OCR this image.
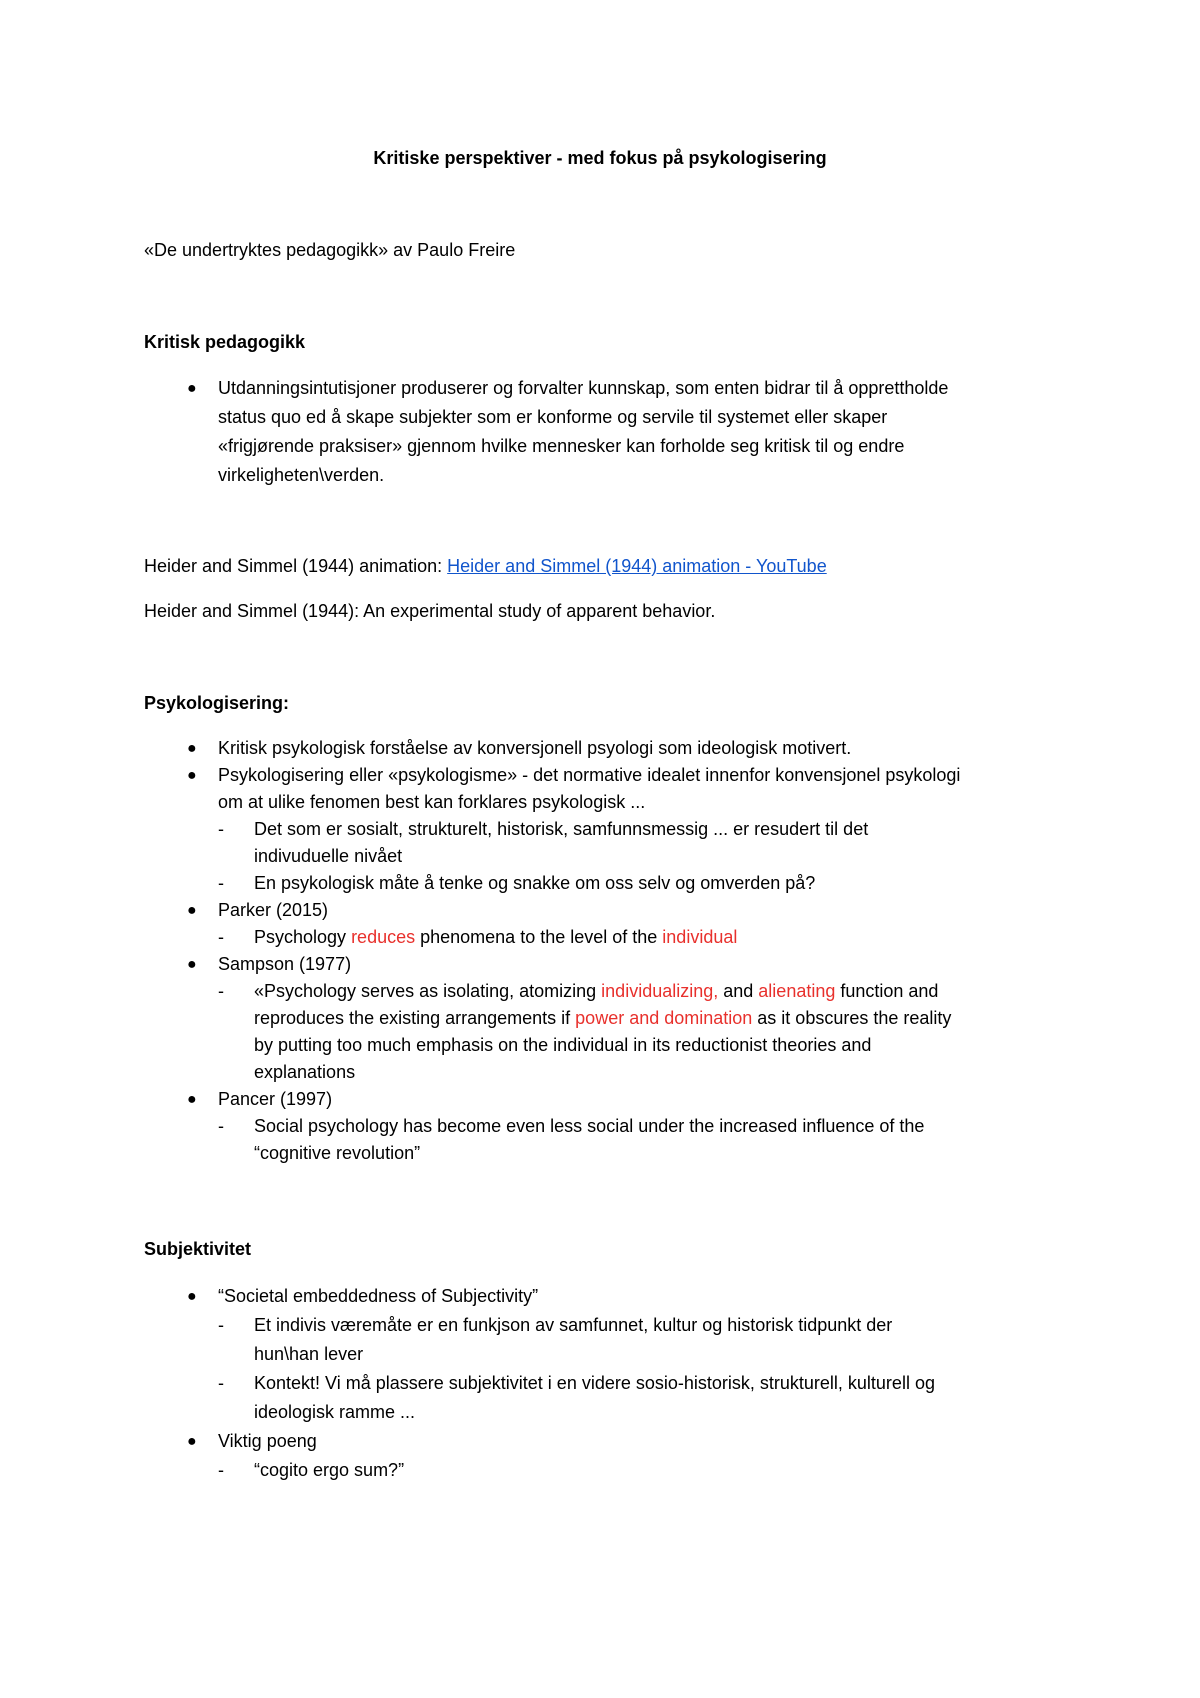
Kritiske perspektiver - med fokus på psykologisering
«De undertryktes pedagogikk» av Paulo Freire
Kritisk pedagogikk
● Utdanningsintutisjoner produserer og forvalter kunnskap, som enten bidrar til å opprettholde
status quo ed å skape subjekter som er konforme og servile til systemet eller skaper
«frigjørende praksiser» gjennom hvilke mennesker kan forholde seg kritisk til og endre
virkeligheten\verden.
Heider and Simmel (1944) animation: Heider and Simmel (1944) animation - YouTube
Heider and Simmel (1944): An experimental study of apparent behavior.
Psykologisering:
● Kritisk psykologisk forståelse av konversjonell psyologi som ideologisk motivert.
● Psykologisering eller «psykologisme» - det normative idealet innenfor konvensjonel psykologi
om at ulike fenomen best kan forklares psykologisk ...
- Det som er sosialt, strukturelt, historisk, samfunnsmessig ... er resudert til det
indivuduelle nivået
- En psykologisk måte å tenke og snakke om oss selv og omverden på?
● Parker (2015)
- Psychology reduces phenomena to the level of the individual
● Sampson (1977)
- «Psychology serves as isolating, atomizing individualizing, and alienating function and
reproduces the existing arrangements if power and domination as it obscures the reality
by putting too much emphasis on the individual in its reductionist theories and
explanations
● Pancer (1997)
- Social psychology has become even less social under the increased influence of the
“cognitive revolution”
Subjektivitet
● “Societal embeddedness of Subjectivity”
- Et indivis væremåte er en funkjson av samfunnet, kultur og historisk tidpunkt der
hun\han lever
- Kontekt! Vi må plassere subjektivitet i en videre sosio-historisk, strukturell, kulturell og
ideologisk ramme ...
● Viktig poeng
- “cogito ergo sum?”
